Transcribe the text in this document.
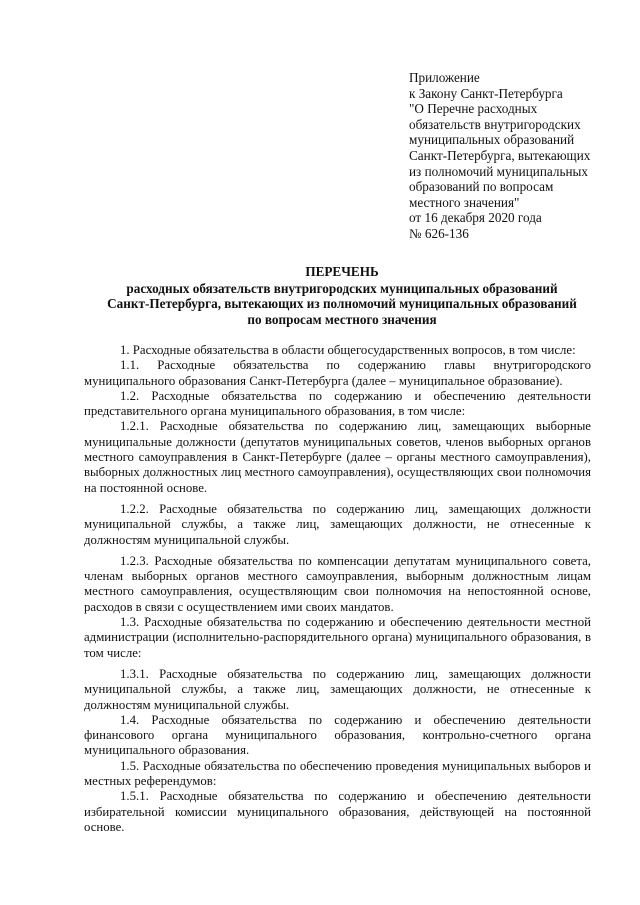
Приложение
к Закону Санкт-Петербурга
"О Перечне расходных
обязательств внутригородских
муниципальных образований
Санкт-Петербурга, вытекающих
из полномочий муниципальных
образований по вопросам
местного значения"
от 16 декабря 2020 года
№ 626-136
ПЕРЕЧЕНЬ
расходных обязательств внутригородских муниципальных образований
Санкт-Петербурга, вытекающих из полномочий муниципальных образований
по вопросам местного значения

1. Расходные обязательства в области общегосударственных вопросов, в том числе:

1.1. Расходные обязательства по содержанию главы внутригородского муниципального образования Санкт-Петербурга (далее – муниципальное образование).

1.2. Расходные обязательства по содержанию и обеспечению деятельности представительного органа муниципального образования, в том числе:

1.2.1. Расходные обязательства по содержанию лиц, замещающих выборные муниципальные должности (депутатов муниципальных советов, членов выборных органов местного самоуправления в Санкт-Петербурге (далее – органы местного самоуправления), выборных должностных лиц местного самоуправления), осуществляющих свои полномочия на постоянной основе.

1.2.2. Расходные обязательства по содержанию лиц, замещающих должности муниципальной службы, а также лиц, замещающих должности, не отнесенные к должностям муниципальной службы.

1.2.3. Расходные обязательства по компенсации депутатам муниципального совета, членам выборных органов местного самоуправления, выборным должностным лицам местного самоуправления, осуществляющим свои полномочия на непостоянной основе, расходов в связи с осуществлением ими своих мандатов.

1.3. Расходные обязательства по содержанию и обеспечению деятельности местной администрации (исполнительно-распорядительного органа) муниципального образования, в том числе:

1.3.1. Расходные обязательства по содержанию лиц, замещающих должности муниципальной службы, а также лиц, замещающих должности, не отнесенные к должностям муниципальной службы.

1.4. Расходные обязательства по содержанию и обеспечению деятельности финансового органа муниципального образования, контрольно-счетного органа муниципального образования.

1.5. Расходные обязательства по обеспечению проведения муниципальных выборов и местных референдумов:

1.5.1. Расходные обязательства по содержанию и обеспечению деятельности избирательной комиссии муниципального образования, действующей на постоянной основе.
